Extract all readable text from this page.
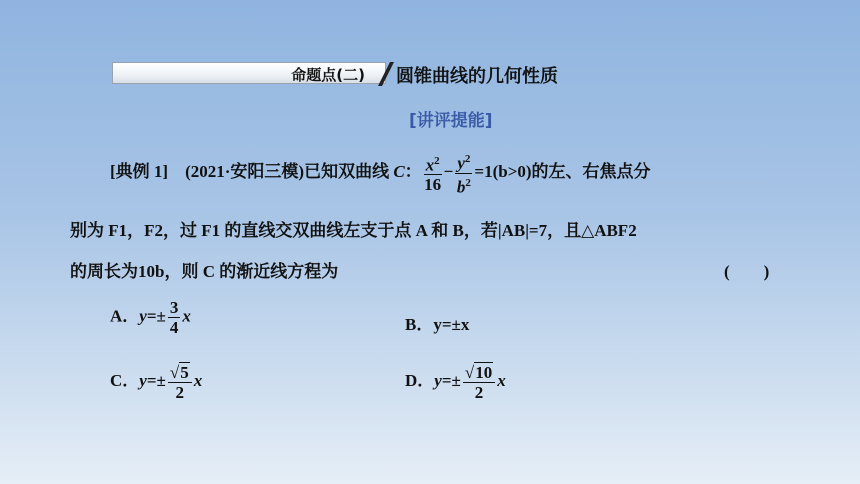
命题点(二) 圆锥曲线的几何性质
[讲评提能]
[典例 1] (2021·安阳三模)已知双曲线 C： $\frac{x^2}{16} - \frac{y^2}{b^2} =1(b>0)$的左、右焦点分
别为 F1，F2，过 F1 的直线交双曲线左支于点 A 和 B，若|AB|=7，且△ABF2
的周长为10b，则 C 的渐近线方程为	(　　)
A．$y=\pm \frac{3}{4}$ x	B．y=±x
C．$y=\pm \frac{√5}{2}$ x	D．$y=\pm \frac{√10}{2}$ x
